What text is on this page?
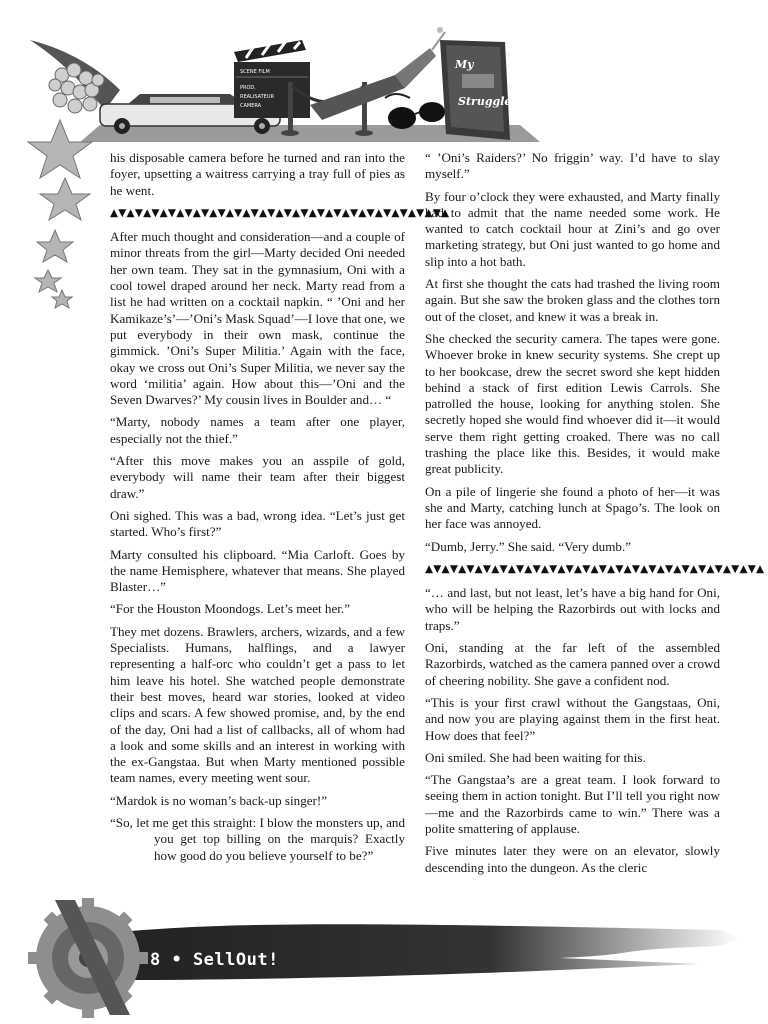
SCENE FILM
PROD.
REALISATEUR
CAMERA
My
Struggle

his disposable camera before he turned and ran into the foyer, upsetting a waitress carrying a tray full of pies as he went.

▲▼▲▼▲▼▲▼▲▼▲▼▲▼▲▼▲▼▲▼▲▼▲▼▲▼▲▼▲▼▲▼▲▼▲▼▲▼▲▼▲

After much thought and consideration—and a couple of minor threats from the girl—Marty decided Oni needed her own team. They sat in the gymnasium, Oni with a cool towel draped around her neck. Marty read from a list he had written on a cocktail napkin. “ ’Oni and her Kamikaze’s’—’Oni’s Mask Squad’—I love that one, we put everybody in their own mask, continue the gimmick. ’Oni’s Super Militia.’ Again with the face, okay we cross out Oni’s Super Militia, we never say the word ‘militia’ again. How about this—’Oni and the Seven Dwarves?’ My cousin lives in Boulder and… “

“Marty, nobody names a team after one player, especially not the thief.”

“After this move makes you an asspile of gold, everybody will name their team after their biggest draw.”

Oni sighed. This was a bad, wrong idea. “Let’s just get started. Who’s first?”

Marty consulted his clipboard. “Mia Carloft. Goes by the name Hemisphere, whatever that means. She played Blaster…”

“For the Houston Moondogs. Let’s meet her.”

They met dozens. Brawlers, archers, wizards, and a few Specialists. Humans, halflings, and a lawyer representing a half-orc who couldn’t get a pass to let him leave his hotel. She watched people demonstrate their best moves, heard war stories, looked at video clips and scars. A few showed promise, and, by the end of the day, Oni had a list of callbacks, all of whom had a look and some skills and an interest in working with the ex-Gangstaa. But when Marty mentioned possible team names, every meeting went sour.

“Mardok is no woman’s back-up singer!”

“So, let me get this straight: I blow the monsters up, and you get top billing on the marquis? Exactly how good do you believe yourself to be?”

“ ’Oni’s Raiders?’ No friggin’ way. I’d have to slay myself.”

By four o’clock they were exhausted, and Marty finally had to admit that the name needed some work. He wanted to catch cocktail hour at Zini’s and go over marketing strategy, but Oni just wanted to go home and slip into a hot bath.

At first she thought the cats had trashed the living room again. But she saw the broken glass and the clothes torn out of the closet, and knew it was a break in.

She checked the security camera. The tapes were gone. Whoever broke in knew security systems. She crept up to her bookcase, drew the secret sword she kept hidden behind a stack of first edition Lewis Carrols. She patrolled the house, looking for anything stolen. She secretly hoped she would find whoever did it—it would serve them right getting croaked. There was no call trashing the place like this. Besides, it would make great publicity.

On a pile of lingerie she found a photo of her—it was she and Marty, catching lunch at Spago’s. The look on her face was annoyed.

“Dumb, Jerry.” She said. “Very dumb.”

▲▼▲▼▲▼▲▼▲▼▲▼▲▼▲▼▲▼▲▼▲▼▲▼▲▼▲▼▲▼▲▼▲▼▲▼▲▼▲▼▲

“… and last, but not least, let’s have a big hand for Oni, who will be helping the Razorbirds out with locks and traps.”

Oni, standing at the far left of the assembled Razorbirds, watched as the camera panned over a crowd of cheering nobility. She gave a confident nod.

“This is your first crawl without the Gangstaas, Oni, and now you are playing against them in the first heat. How does that feel?”

Oni smiled. She had been waiting for this.

“The Gangstaa’s are a great team. I look forward to seeing them in action tonight. But I’ll tell you right now—me and the Razorbirds came to win.” There was a polite smattering of applause.

Five minutes later they were on an elevator, slowly descending into the dungeon. As the cleric

8 • SellOut!
